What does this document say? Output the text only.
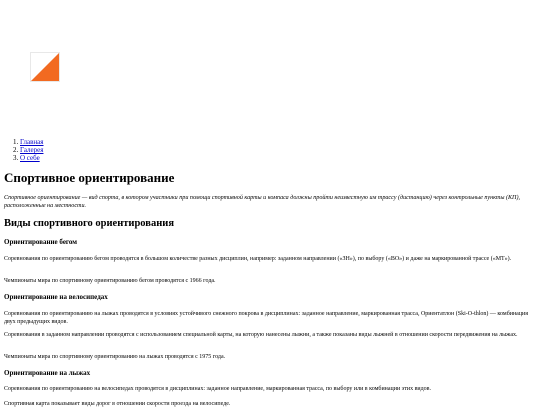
1. Главная
2. Галерея
3. О себе
Спортивное ориентирование

Спортивное ориентирование — вид спорта, в котором участники при помощи спортивной карты и компаса должны пройти неизвестную им трассу (дистанцию) через контрольные пункты (КП), расположенные на местности.

Виды спортивного ориентирования
Ориентирование бегом

Соревнования по ориентированию бегом проводятся в большом количестве разных дисциплин, например: заданном направлении («ЗН»), по выбору («ВО») и даже на маркированной трассе («МТ»).

Чемпионаты мира по спортивному ориентированию бегом проводятся с 1966 года.

Ориентирование на велосипедах

Соревнования по ориентированию на лыжах проводятся в условиях устойчивого снежного покрова в дисциплинах: заданное направление, маркированная трасса, Ориентатлон (Ski-O-thlon) — комбинация двух предыдущих видов.

Соревнования в заданном направлении проводятся с использованием специальной карты, на которую нанесены лыжни, а также показаны виды лыжней в отношении скорости передвижения на лыжах.

Чемпионаты мира по спортивному ориентированию на лыжах проводятся с 1975 года.

Ориентирование на лыжах

Соревнования по ориентированию на велосипедах проводятся в дисциплинах: заданное направление, маркированная трасса, по выбору или в комбинации этих видов.

Спортивная карта показывает виды дорог в отношении скорости проезда на велосипеде.
